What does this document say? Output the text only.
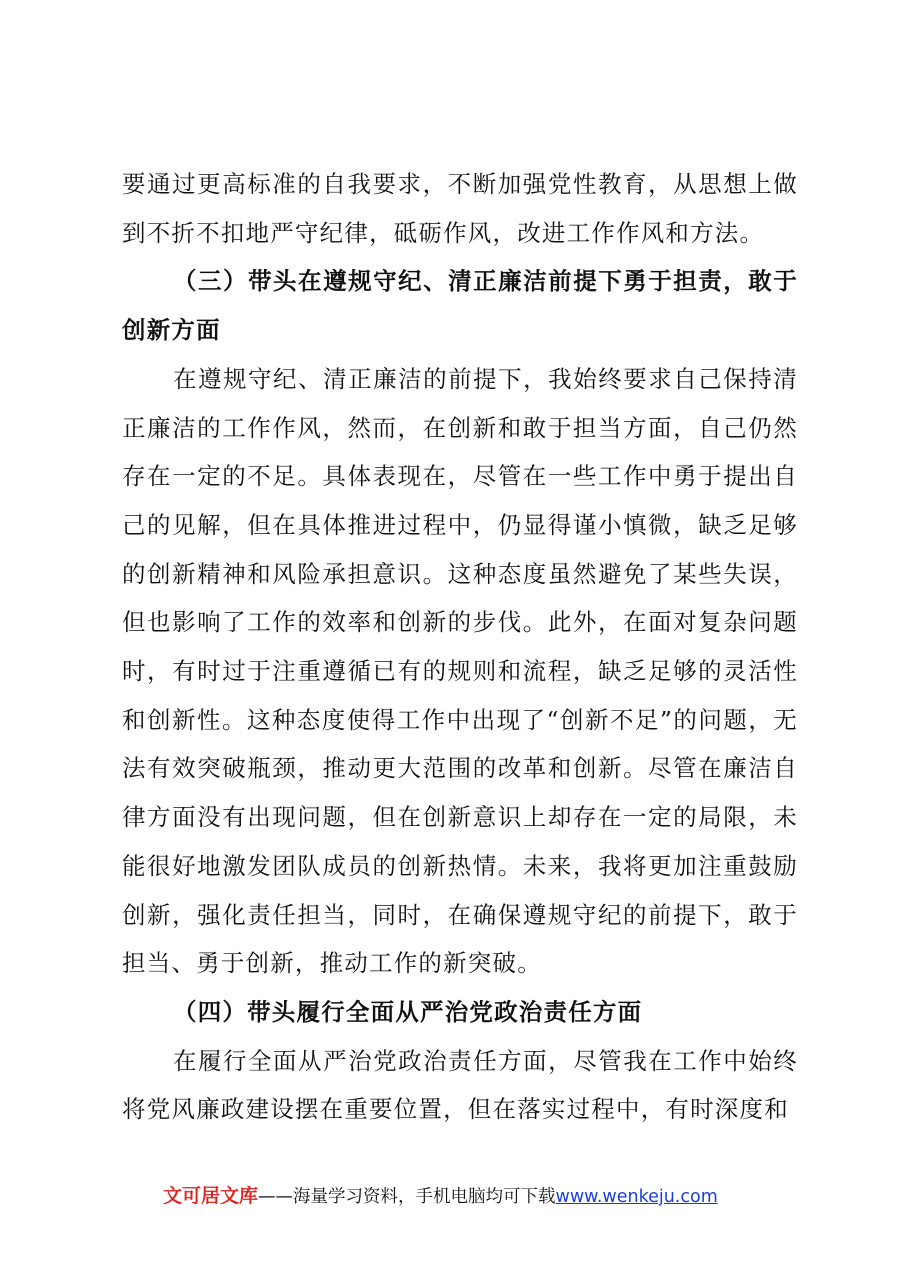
要通过更高标准的自我要求，不断加强党性教育，从思想上做到不折不扣地严守纪律，砥砺作风，改进工作作风和方法。

（三）带头在遵规守纪、清正廉洁前提下勇于担责，敢于创新方面

在遵规守纪、清正廉洁的前提下，我始终要求自己保持清正廉洁的工作作风，然而，在创新和敢于担当方面，自己仍然存在一定的不足。具体表现在，尽管在一些工作中勇于提出自己的见解，但在具体推进过程中，仍显得谨小慎微，缺乏足够的创新精神和风险承担意识。这种态度虽然避免了某些失误，但也影响了工作的效率和创新的步伐。此外，在面对复杂问题时，有时过于注重遵循已有的规则和流程，缺乏足够的灵活性和创新性。这种态度使得工作中出现了“创新不足”的问题，无法有效突破瓶颈，推动更大范围的改革和创新。尽管在廉洁自律方面没有出现问题，但在创新意识上却存在一定的局限，未能很好地激发团队成员的创新热情。未来，我将更加注重鼓励创新，强化责任担当，同时，在确保遵规守纪的前提下，敢于担当、勇于创新，推动工作的新突破。

（四）带头履行全面从严治党政治责任方面

在履行全面从严治党政治责任方面，尽管我在工作中始终将党风廉政建设摆在重要位置，但在落实过程中，有时深度和

文可居文库——海量学习资料，手机电脑均可下载www.wenkeju.com
